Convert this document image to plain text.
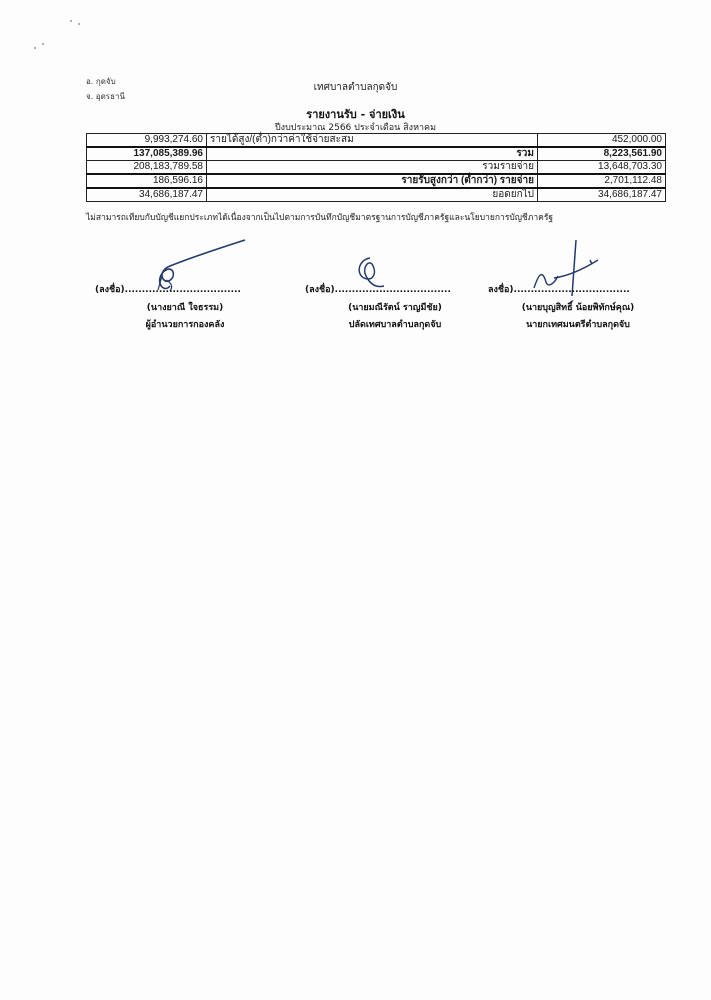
อ. กุดจับ
จ. อุดรธานี
เทศบาลตำบลกุดจับ
รายงานรับ - จ่ายเงิน
ปีงบประมาณ 2566 ประจำเดือน สิงหาคม
9,993,274.60	รายได้สูง/(ต่ำ)กว่าค่าใช้จ่ายสะสม	452,000.00
137,085,389.96	รวม	8,223,561.90
208,183,789.58	รวมรายจ่าย	13,648,703.30
186,596.16	รายรับสูงกว่า (ต่ำกว่า) รายจ่าย	2,701,112.48
34,686,187.47	ยอดยกไป	34,686,187.47
ไม่สามารถเทียบกับบัญชีแยกประเภทได้เนื่องจากเป็นไปตามการบันทึกบัญชีมาตรฐานการบัญชีภาครัฐและนโยบายการบัญชีภาครัฐ
(ลงชื่อ)..................................
(นางยาณี ใจธรรม)
ผู้อำนวยการกองคลัง
(ลงชื่อ)..................................
(นายมณีรัตน์ ราญมีชัย)
ปลัดเทศบาลตำบลกุดจับ
ลงชื่อ)..................................
(นายบุญสิทธิ์ น้อยพิทักษ์คุณ)
นายกเทศมนตรีตำบลกุดจับ
